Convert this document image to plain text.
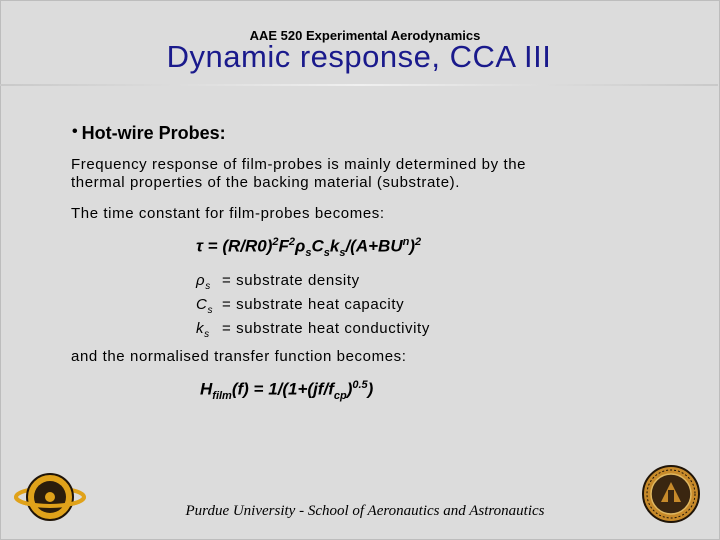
AAE 520 Experimental Aerodynamics
Dynamic response, CCA III
• Hot-wire Probes:
Frequency response of film-probes is mainly determined by the
thermal properties of the backing material (substrate).
The time constant for film-probes becomes:
$\tau = (R/R0)^2F^2\rho_sC_sk_s/(A+BU^n)^2$
$\rho_s$ = substrate density
$C_s$ = substrate heat capacity
$k_s$ = substrate heat conductivity
and the normalised transfer function becomes:
$H_{film}(f) = 1/(1+(jf/f_{cp})^{0.5})$
Purdue University - School of Aeronautics and Astronautics
